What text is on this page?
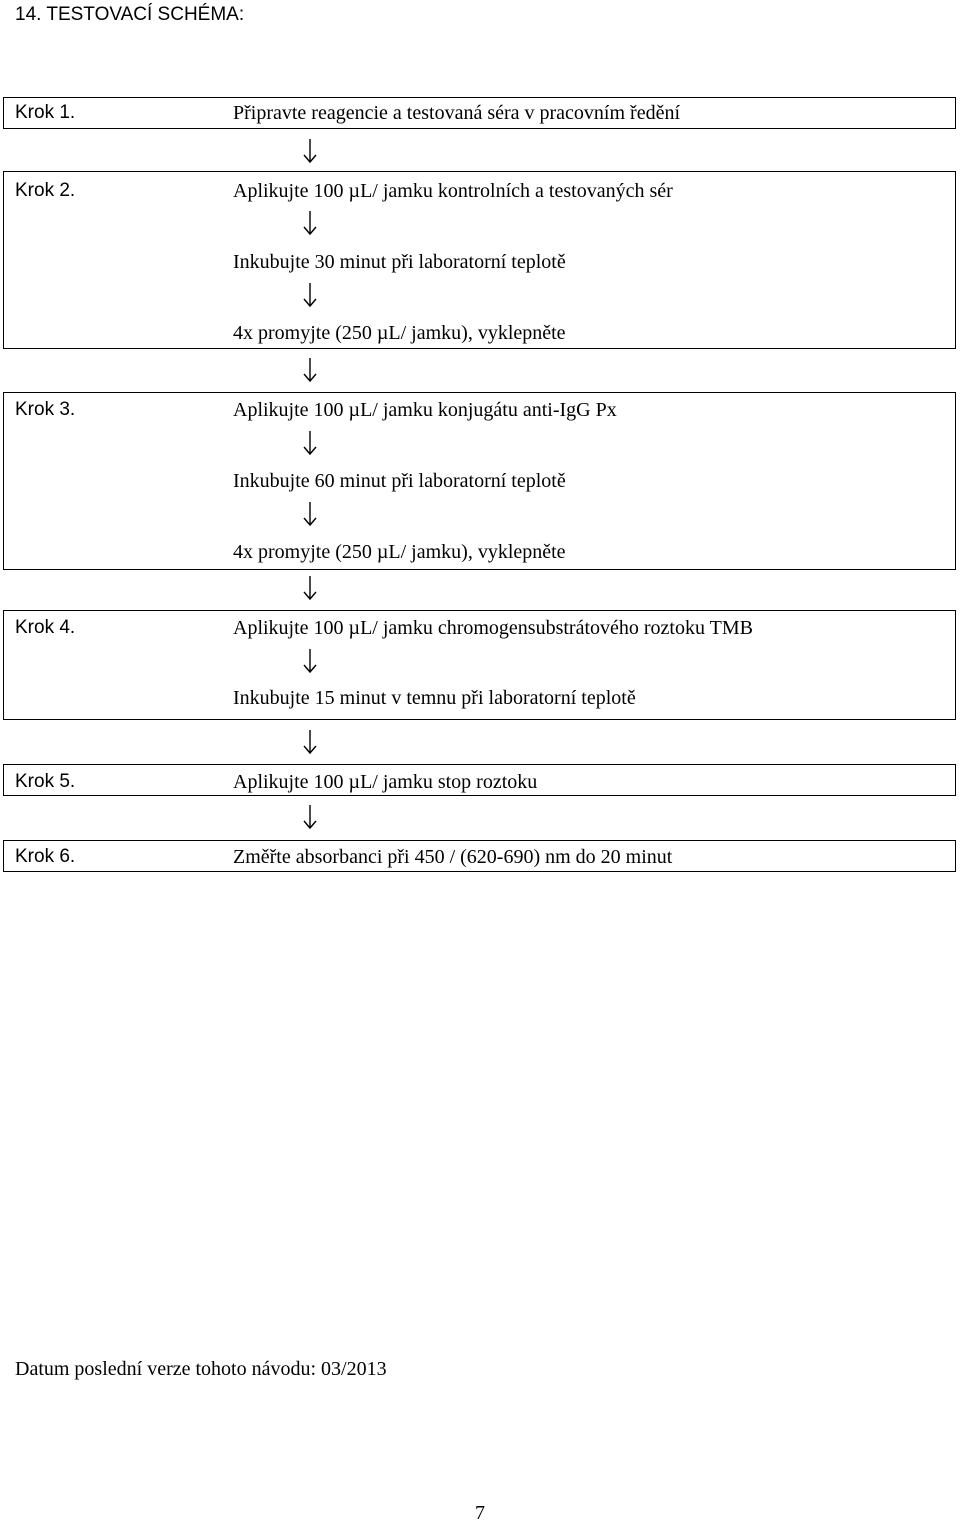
14. TESTOVACÍ SCHÉMA:
Krok 1.
Krok 2.
Krok 3.
Krok 4.
Krok 5.
Krok 6.
Připravte reagencie a testovaná séra v pracovním ředění
Aplikujte 100 µL/ jamku kontrolních a testovaných sér
Inkubujte 30 minut při laboratorní teplotě
4x promyjte (250 µL/ jamku), vyklepněte
Aplikujte 100 µL/ jamku konjugátu anti-IgG Px
Inkubujte 60 minut při laboratorní teplotě
4x promyjte (250 µL/ jamku), vyklepněte
Aplikujte 100 µL/ jamku chromogensubstrátového roztoku TMB
Inkubujte 15 minut v temnu při laboratorní teplotě
Aplikujte 100 µL/ jamku stop roztoku
Změřte absorbanci při 450 / (620-690) nm do 20 minut
Datum poslední verze tohoto návodu: 03/2013
7
